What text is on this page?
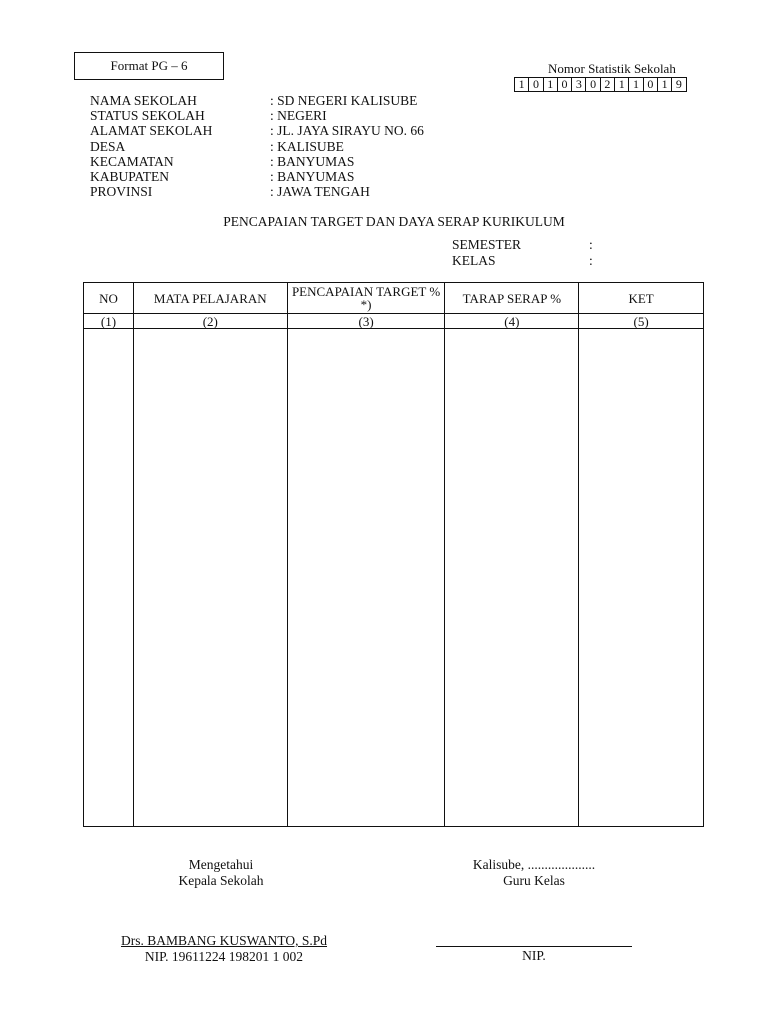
Format PG – 6	Nomor Statistik Sekolah
1 0 1 0 3 0 2 1 1 0 1 9
NAMA SEKOLAH	: SD NEGERI KALISUBE
STATUS SEKOLAH	: NEGERI
ALAMAT SEKOLAH	: JL. JAYA SIRAYU NO. 66
DESA	: KALISUBE
KECAMATAN	: BANYUMAS
KABUPATEN	: BANYUMAS
PROVINSI	: JAWA TENGAH
PENCAPAIAN TARGET DAN DAYA SERAP KURIKULUM
SEMESTER	:
KELAS	:
NO	MATA PELAJARAN	PENCAPAIAN TARGET % *)	TARAP SERAP %	KET
(1)	(2)	(3)	(4)	(5)

Mengetahui
Kepala Sekolah
Kalisube, ....................
Guru Kelas
Drs. BAMBANG KUSWANTO, S.Pd
NIP. 19611224 198201 1 002	NIP.
